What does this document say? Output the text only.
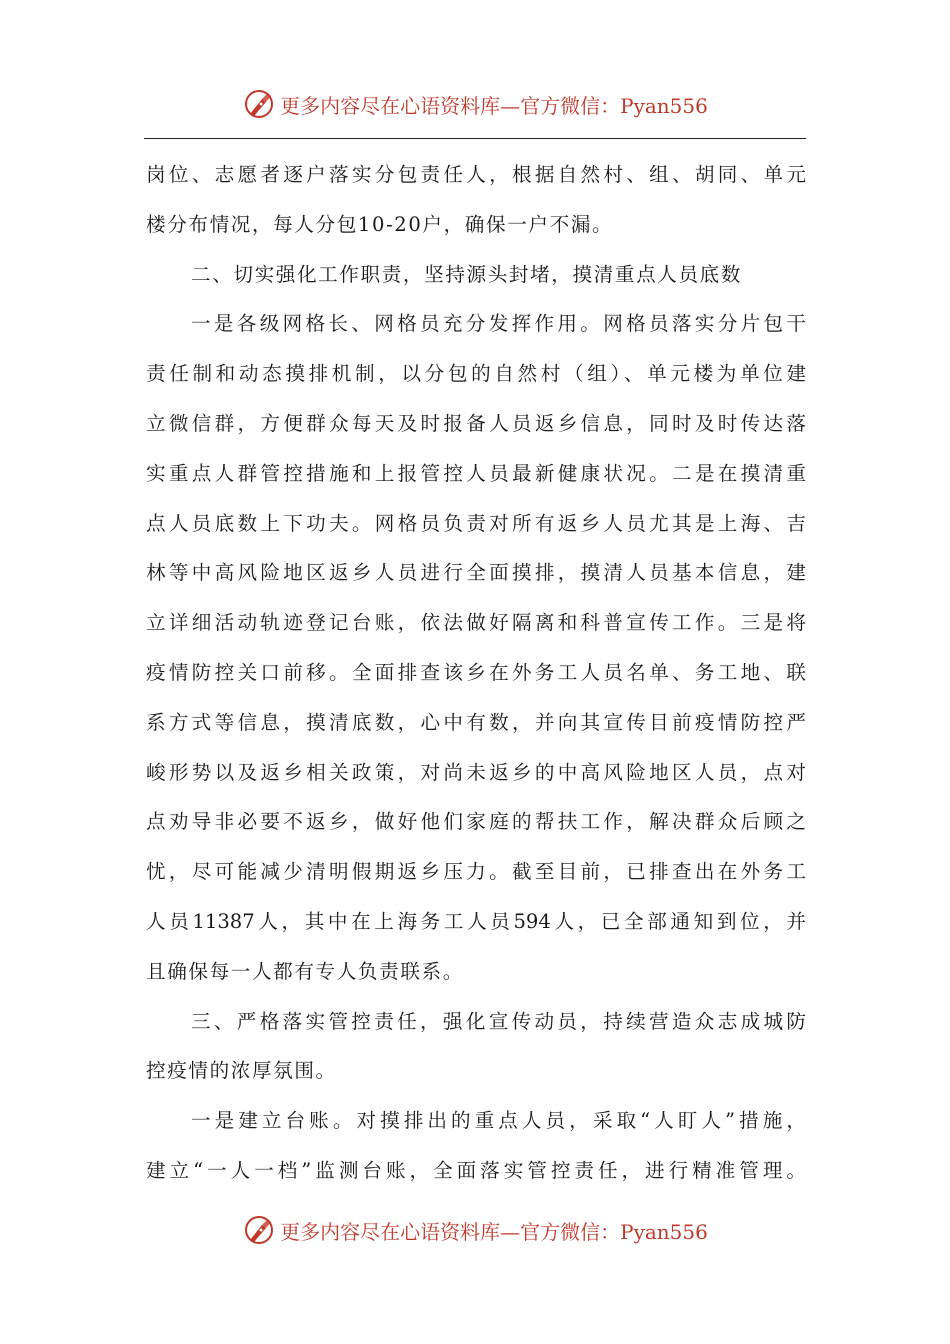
更多内容尽在心语资料库—官方微信：Pyan556
岗位、志愿者逐户落实分包责任人，根据自然村、组、胡同、单元
楼分布情况，每人分包10-20户，确保一户不漏。
二、切实强化工作职责，坚持源头封堵，摸清重点人员底数
一是各级网格长、网格员充分发挥作用。网格员落实分片包干
责任制和动态摸排机制，以分包的自然村（组）、单元楼为单位建
立微信群，方便群众每天及时报备人员返乡信息，同时及时传达落
实重点人群管控措施和上报管控人员最新健康状况。二是在摸清重
点人员底数上下功夫。网格员负责对所有返乡人员尤其是上海、吉
林等中高风险地区返乡人员进行全面摸排，摸清人员基本信息，建
立详细活动轨迹登记台账，依法做好隔离和科普宣传工作。三是将
疫情防控关口前移。全面排查该乡在外务工人员名单、务工地、联
系方式等信息，摸清底数，心中有数，并向其宣传目前疫情防控严
峻形势以及返乡相关政策，对尚未返乡的中高风险地区人员，点对
点劝导非必要不返乡，做好他们家庭的帮扶工作，解决群众后顾之
忧，尽可能减少清明假期返乡压力。截至目前，已排查出在外务工
人员11387人，其中在上海务工人员594人，已全部通知到位，并
且确保每一人都有专人负责联系。
三、严格落实管控责任，强化宣传动员，持续营造众志成城防
控疫情的浓厚氛围。
一是建立台账。对摸排出的重点人员，采取“人盯人”措施，
建立“一人一档”监测台账，全面落实管控责任，进行精准管理。
更多内容尽在心语资料库—官方微信：Pyan556
